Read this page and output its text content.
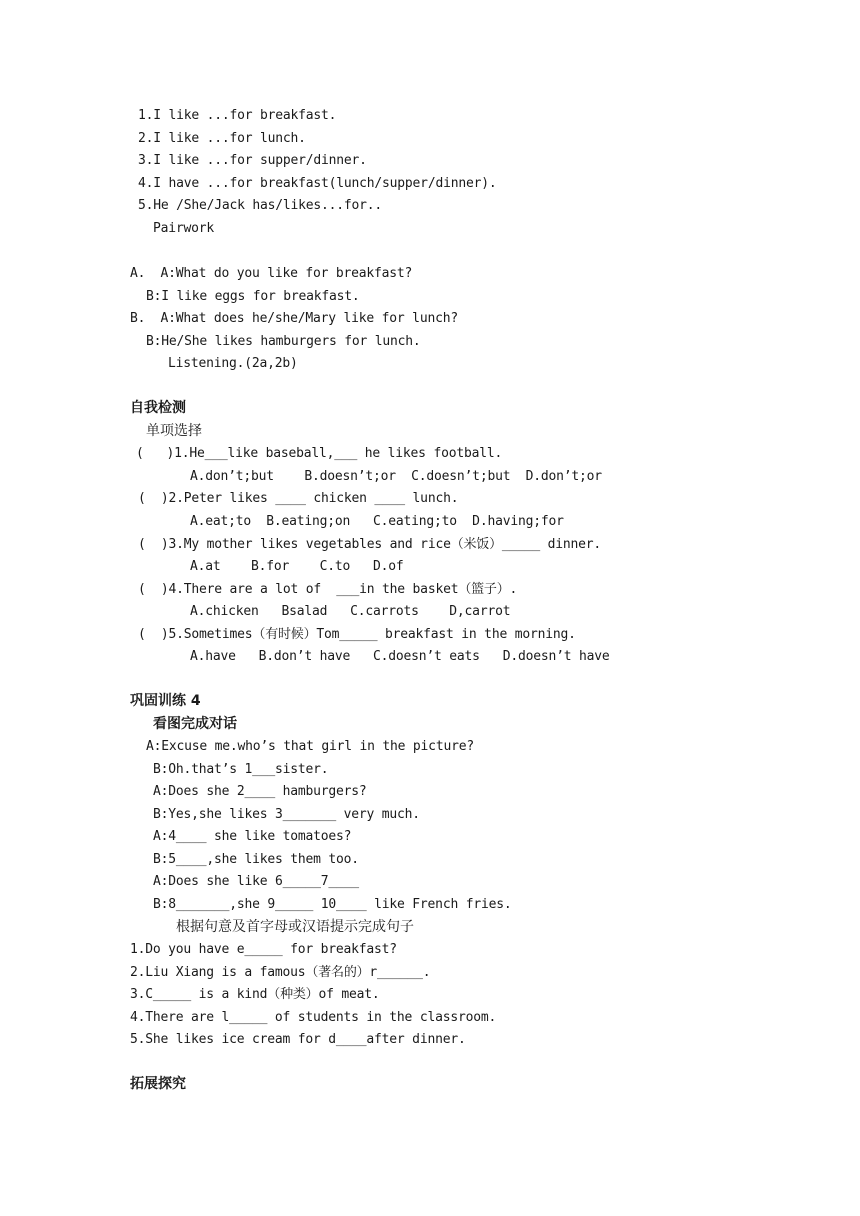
1.I like ...for breakfast.
2.I like ...for lunch.
3.I like ...for supper/dinner.
4.I have ...for breakfast(lunch/supper/dinner).
5.He /She/Jack has/likes...for..
Pairwork
A.  A:What do you like for breakfast?
B:I like eggs for breakfast.
B.  A:What does he/she/Mary like for lunch?
B:He/She likes hamburgers for lunch.
Listening.(2a,2b)
自我检测
单项选择
(   )1.He___like baseball,___ he likes football.
A.don’t;but    B.doesn’t;or  C.doesn’t;but  D.don’t;or
(  )2.Peter likes ____ chicken ____ lunch.
A.eat;to  B.eating;on   C.eating;to  D.having;for
(  )3.My mother likes vegetables and rice（米饭）_____ dinner.
A.at    B.for    C.to   D.of
(  )4.There are a lot of  ___in the basket（篮子）.
A.chicken   Bsalad   C.carrots    D,carrot
(  )5.Sometimes（有时候）Tom_____ breakfast in the morning.
A.have   B.don’t have   C.doesn’t eats   D.doesn’t have
巩固训练 4
看图完成对话
A:Excuse me.who’s that girl in the picture?
B:Oh.that’s 1___sister.
A:Does she 2____ hamburgers?
B:Yes,she likes 3_______ very much.
A:4____ she like tomatoes?
B:5____,she likes them too.
A:Does she like 6_____7____
B:8_______,she 9_____ 10____ like French fries.
根据句意及首字母或汉语提示完成句子
1.Do you have e_____ for breakfast?
2.Liu Xiang is a famous（著名的）r______.
3.C_____ is a kind（种类）of meat.
4.There are l_____ of students in the classroom.
5.She likes ice cream for d____after dinner.
拓展探究
